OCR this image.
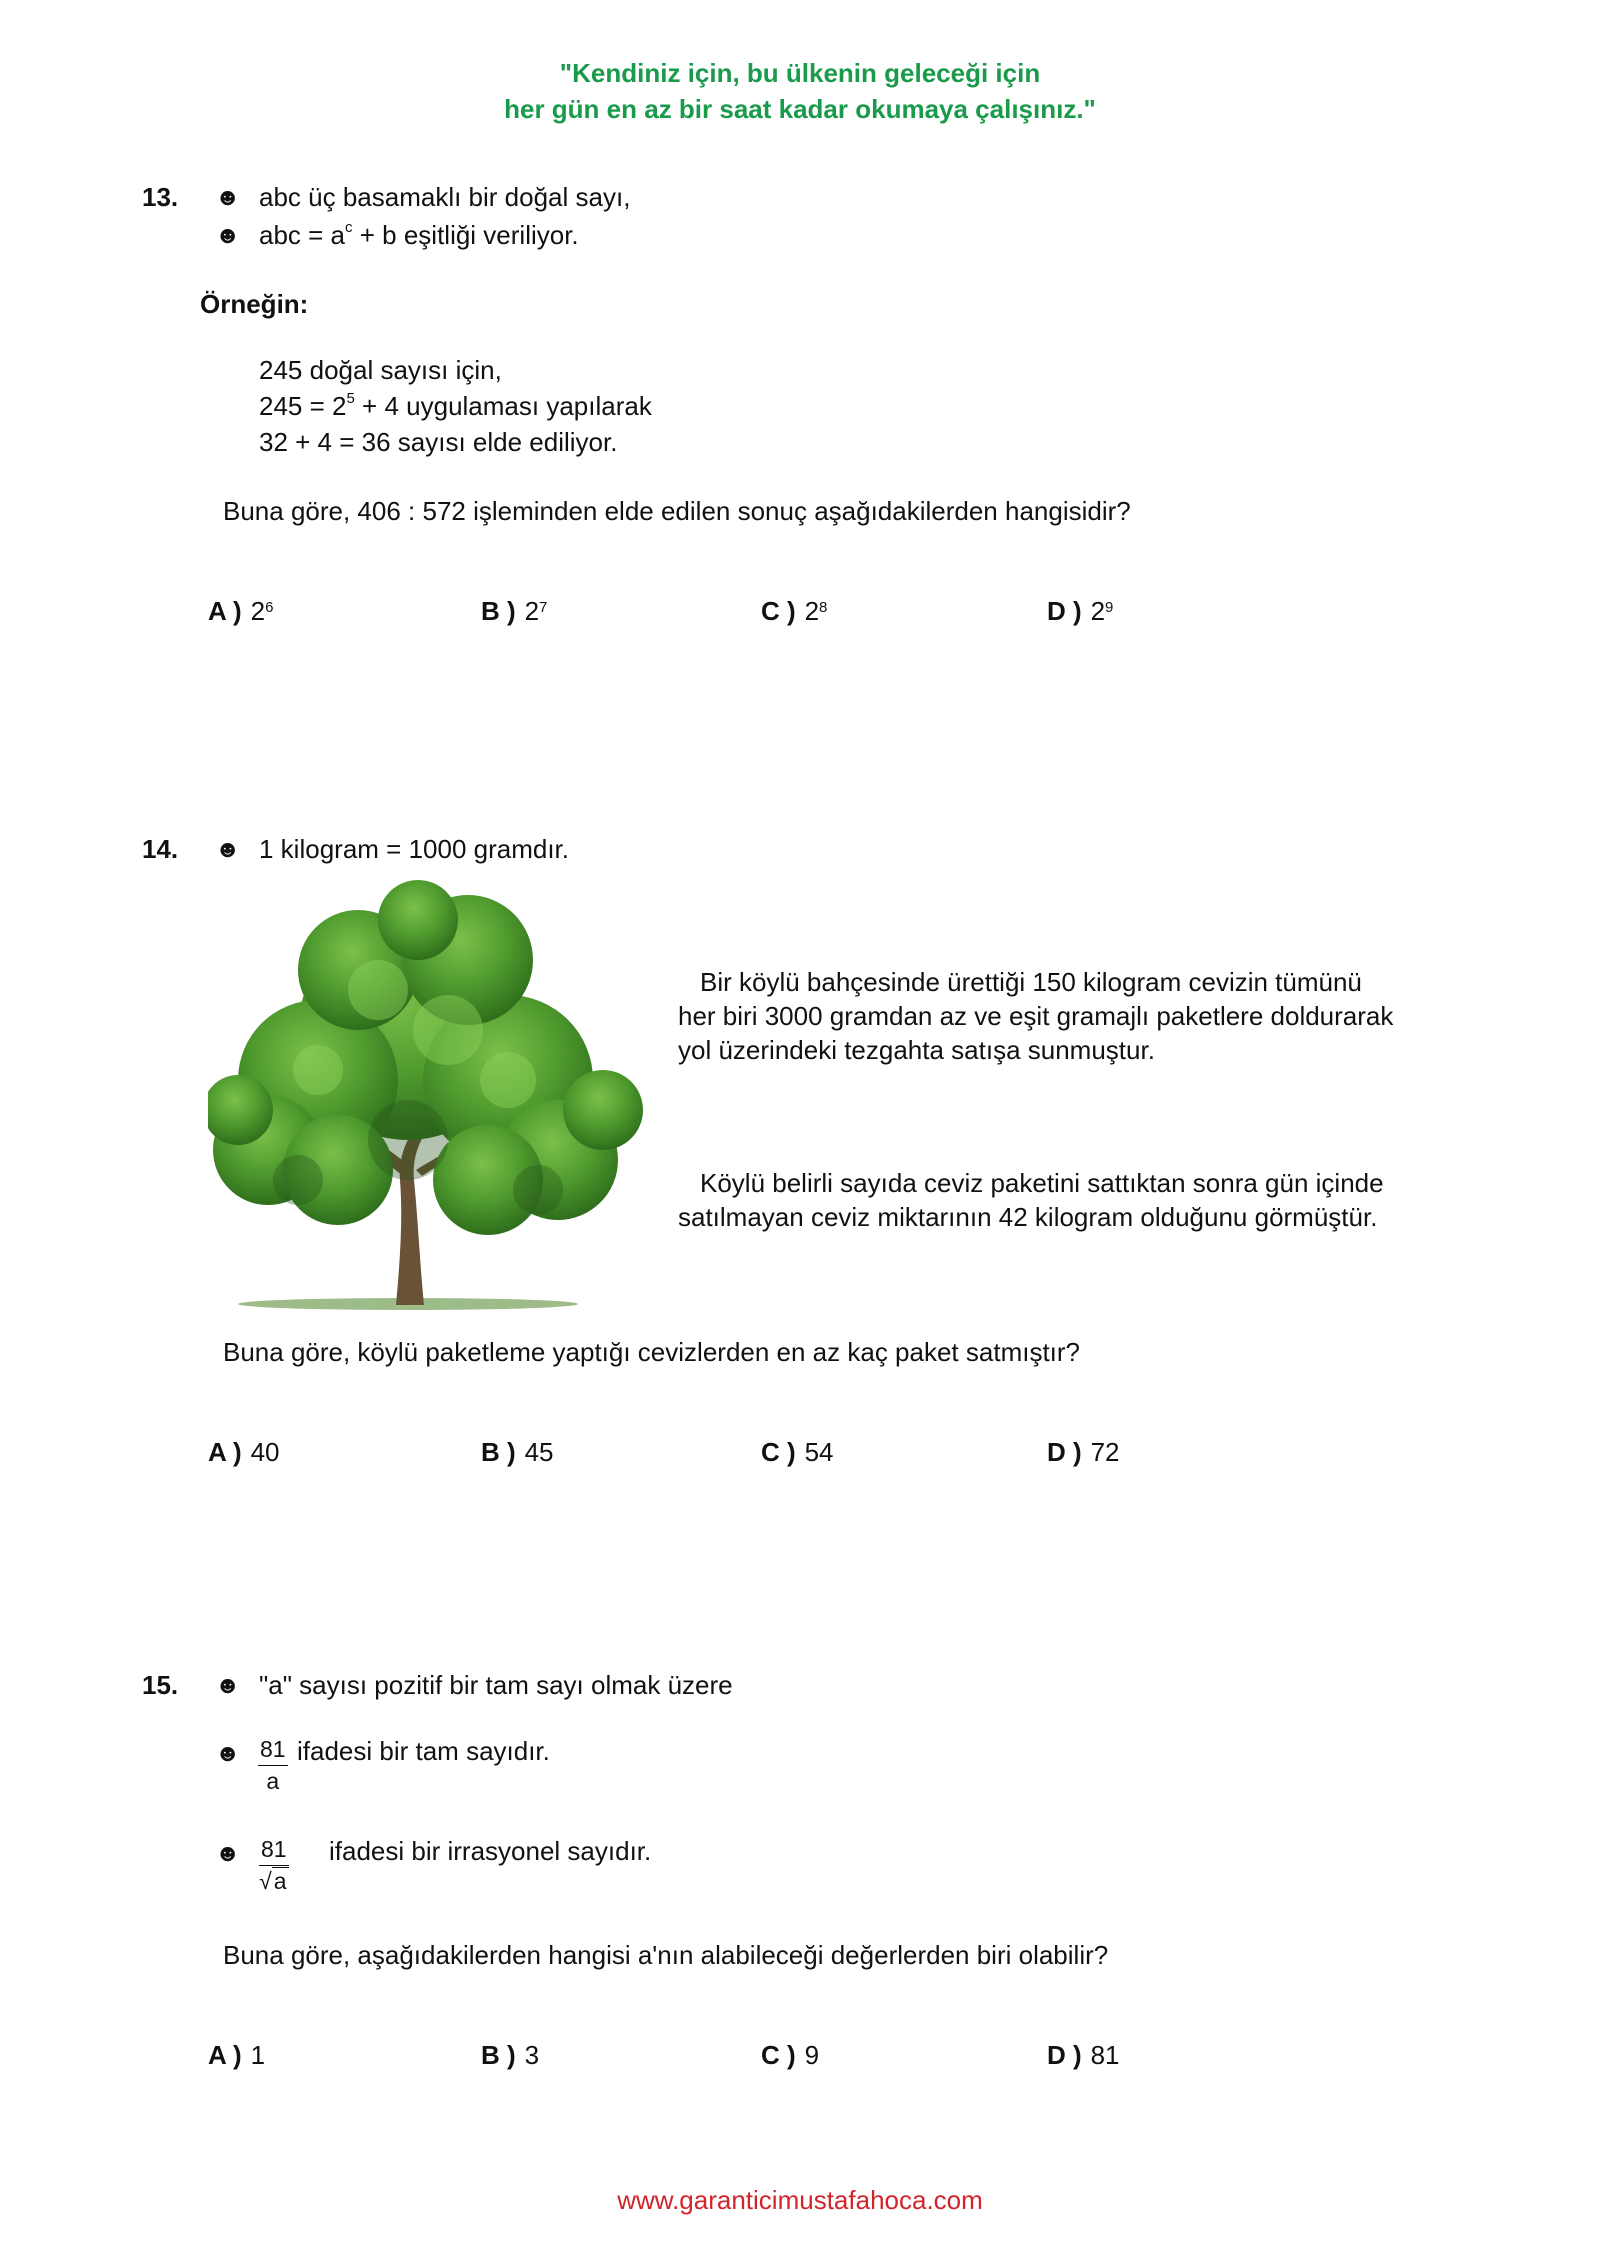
"Kendiniz için, bu ülkenin geleceği için
her gün en az bir saat kadar okumaya çalışınız."
13. ☻ abc üç basamaklı bir doğal sayı,
☻ abc = $a^c + b$ eşitliği veriliyor.
Örneğin:
245 doğal sayısı için,
$245 = 2^5 + 4$ uygulaması yapılarak
32 + 4 = 36 sayısı elde ediliyor.
Buna göre, 406 : 572 işleminden elde edilen sonuç aşağıdakilerden hangisidir?
A ) $2^6$	B ) $2^7$	C ) $2^8$	D ) $2^9$
14. ☻ 1 kilogram = 1000 gramdır.
Bir köylü bahçesinde ürettiği 150 kilogram cevizin tümünü
her biri 3000 gramdan az ve eşit gramajlı paketlere doldurarak
yol üzerindeki tezgahta satışa sunmuştur.
Köylü belirli sayıda ceviz paketini sattıktan sonra gün içinde
satılmayan ceviz miktarının 42 kilogram olduğunu görmüştür.
Buna göre, köylü paketleme yaptığı cevizlerden en az kaç paket satmıştır?
A ) 40	B ) 45	C ) 54	D ) 72
15. ☻ "a" sayısı pozitif bir tam sayı olmak üzere
☻ $\frac{81}{a}$ ifadesi bir tam sayıdır.
☻ $\frac{81}{√a}$ ifadesi bir irrasyonel sayıdır.
Buna göre, aşağıdakilerden hangisi a'nın alabileceği değerlerden biri olabilir?
A ) 1	B ) 3	C ) 9	D ) 81
www.garanticimustafahoca.com
